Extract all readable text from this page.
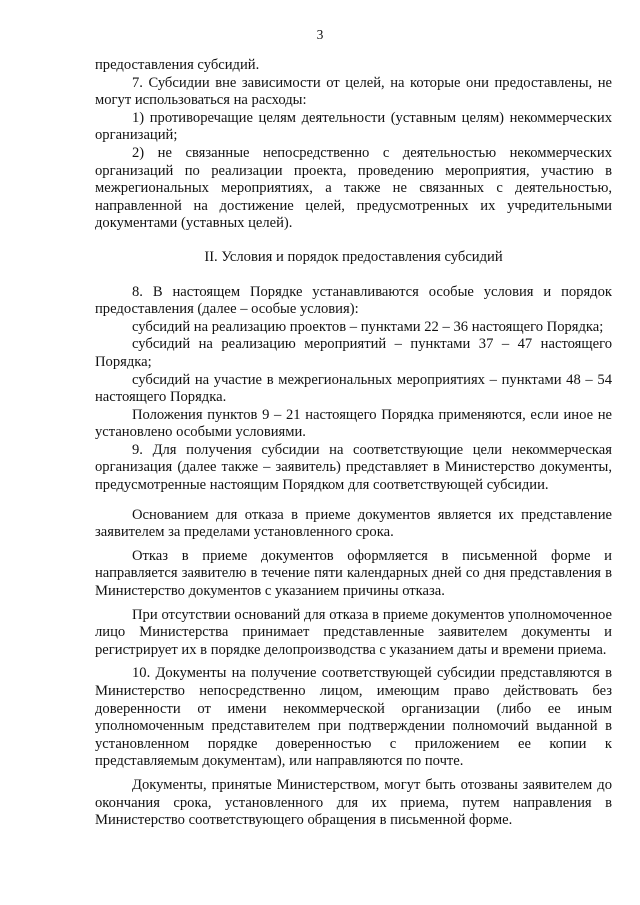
3

предоставления субсидий.

7. Субсидии вне зависимости от целей, на которые они предоставлены, не могут использоваться на расходы:

1) противоречащие целям деятельности (уставным целям) некоммерческих организаций;

2) не связанные непосредственно с деятельностью некоммерческих организаций по реализации проекта, проведению мероприятия, участию в межрегиональных мероприятиях, а также не связанных с деятельностью, направленной на достижение целей, предусмотренных их учредительными документами (уставных целей).

II. Условия и порядок предоставления субсидий

8. В настоящем Порядке устанавливаются особые условия и порядок предоставления (далее – особые условия):

субсидий на реализацию проектов – пунктами 22 – 36 настоящего Порядка;

субсидий на реализацию мероприятий – пунктами 37 – 47 настоящего Порядка;

субсидий на участие в межрегиональных мероприятиях – пунктами 48 – 54 настоящего Порядка.

Положения пунктов 9 – 21 настоящего Порядка применяются, если иное не установлено особыми условиями.

9. Для получения субсидии на соответствующие цели некоммерческая организация (далее также – заявитель) представляет в Министерство документы, предусмотренные настоящим Порядком для соответствующей субсидии.

Основанием для отказа в приеме документов является их представление заявителем за пределами установленного срока.

Отказ в приеме документов оформляется в письменной форме и направляется заявителю в течение пяти календарных дней со дня представления в Министерство документов с указанием причины отказа.

При отсутствии оснований для отказа в приеме документов уполномоченное лицо Министерства принимает представленные заявителем документы и регистрирует их в порядке делопроизводства с указанием даты и времени приема.

10. Документы на получение соответствующей субсидии представляются в Министерство непосредственно лицом, имеющим право действовать без доверенности от имени некоммерческой организации (либо ее иным уполномоченным представителем при подтверждении полномочий выданной в установленном порядке доверенностью с приложением ее копии к представляемым документам), или направляются по почте.

Документы, принятые Министерством, могут быть отозваны заявителем до окончания срока, установленного для их приема, путем направления в Министерство соответствующего обращения в письменной форме.
